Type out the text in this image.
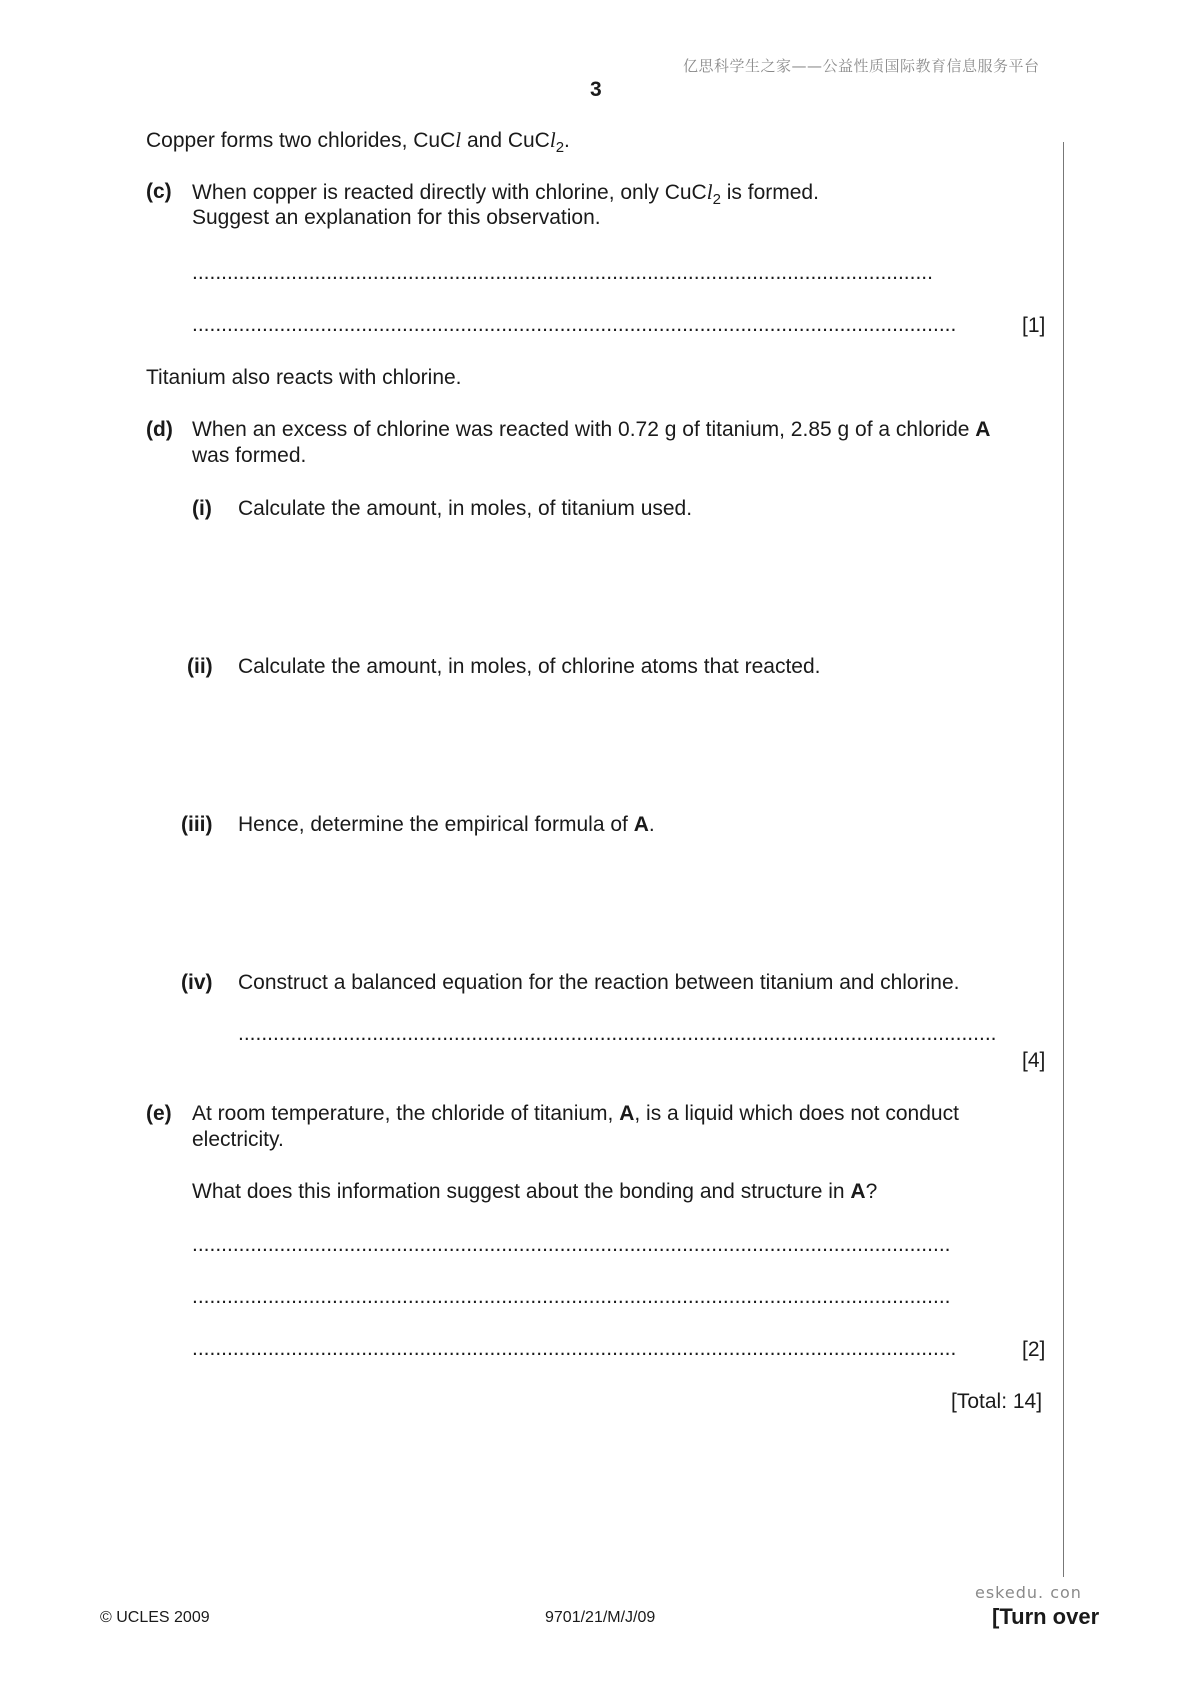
亿思科学生之家——公益性质国际教育信息服务平台
3
Copper forms two chlorides, CuCl and CuCl$_2$.
(c) When copper is reacted directly with chlorine, only CuCl$_2$ is formed.
Suggest an explanation for this observation.
...............................................................................................................................
...................................................................................................................................	[1]
Titanium also reacts with chlorine.
(d) When an excess of chlorine was reacted with 0.72 g of titanium, 2.85 g of a chloride A
was formed.
(i) Calculate the amount, in moles, of titanium used.
(ii) Calculate the amount, in moles, of chlorine atoms that reacted.
(iii) Hence, determine the empirical formula of A.
(iv) Construct a balanced equation for the reaction between titanium and chlorine.
..................................................................................................................................
[4]
(e) At room temperature, the chloride of titanium, A, is a liquid which does not conduct
electricity.
What does this information suggest about the bonding and structure in A?
..................................................................................................................................
..................................................................................................................................
...................................................................................................................................	[2]
[Total: 14]
eskedu. con
© UCLES 2009	9701/21/M/J/09	[Turn over
